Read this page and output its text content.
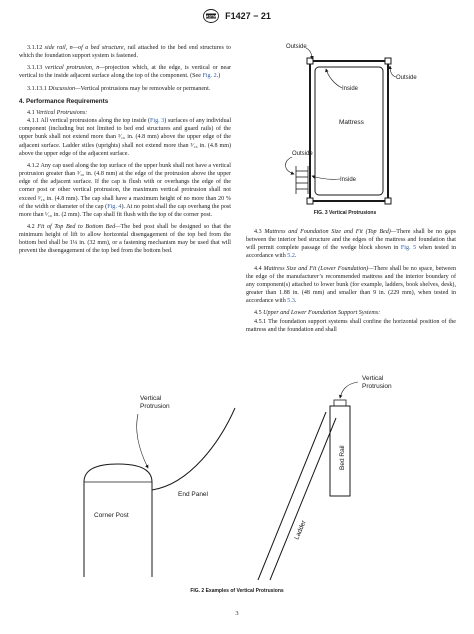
ASTM F1427 − 21

3.1.12 side rail, n—of a bed structure, rail attached to the bed end structures to which the foundation support system is fastened.

3.1.13 vertical protrusion, n—projection which, at the edge, is vertical or near vertical to the inside adjacent surface along the top of the component. (See Fig. 2.)

3.1.13.1 Discussion—Vertical protrusions may be removable or permanent.

4. Performance Requirements

4.1 Vertical Protrusions:

4.1.1 All vertical protrusions along the top inside (Fig. 3) surfaces of any individual component (including but not limited to bed end structures and guard rails) of the upper bunk shall not extend more than ³⁄₁₆ in. (4.8 mm) above the upper edge of the adjacent surface. Ladder stiles (uprights) shall not extend more than ³⁄₁₆ in. (4.8 mm) above the upper edge of the adjacent surface.

4.1.2 Any cap used along the top surface of the upper bunk shall not have a vertical protrusion greater than ³⁄₁₆ in. (4.8 mm) at the edge of the protrusion above the upper edge of the adjacent surface. If the cap is flush with or overhangs the edge of the corner post or other vertical protrusion, the maximum vertical protrusion shall not exceed ³⁄₁₆ in. (4.8 mm). The cap shall have a maximum height of no more than 20 % of the width or diameter of the cap (Fig. 4). At no point shall the cap overhang the post more than ¹⁄₁₆ in. (2 mm). The cap shall fit flush with the top of the corner post.

4.2 Fit of Top Bed to Bottom Bed—The bed post shall be designed so that the minimum height of lift to allow horizontal disengagement of the top bed from the bottom bed shall be 1¼ in. (32 mm), or a fastening mechanism may be used that will prevent the disengagement of the top bed from the bottom bed.

Outside
Outside
Inside
Mattress
Outside
Inside
FIG. 3 Vertical Protrusions

4.3 Mattress and Foundation Size and Fit (Top Bed)—There shall be no gaps between the interior bed structure and the edges of the mattress and foundation that will permit complete passage of the wedge block shown in Fig. 5 when tested in accordance with 5.2.

4.4 Mattress Size and Fit (Lower Foundation)—There shall be no space, between the edge of the manufacturer’s recommended mattress and the interior boundary of any component(s) attached to lower bunk (for example, ladders, book shelves, desk), greater than 1.88 in. (48 mm) and smaller than 9 in. (229 mm), when tested in accordance with 5.3.

4.5 Upper and Lower Foundation Support Systems:

4.5.1 The foundation support systems shall confine the horizontal position of the mattress and the foundation and shall

Vertical Protrusion
Corner Post
End Panel
Bed Rail
Vertical Protrusion
Ladder
FIG. 2 Examples of Vertical Protrusions
3
